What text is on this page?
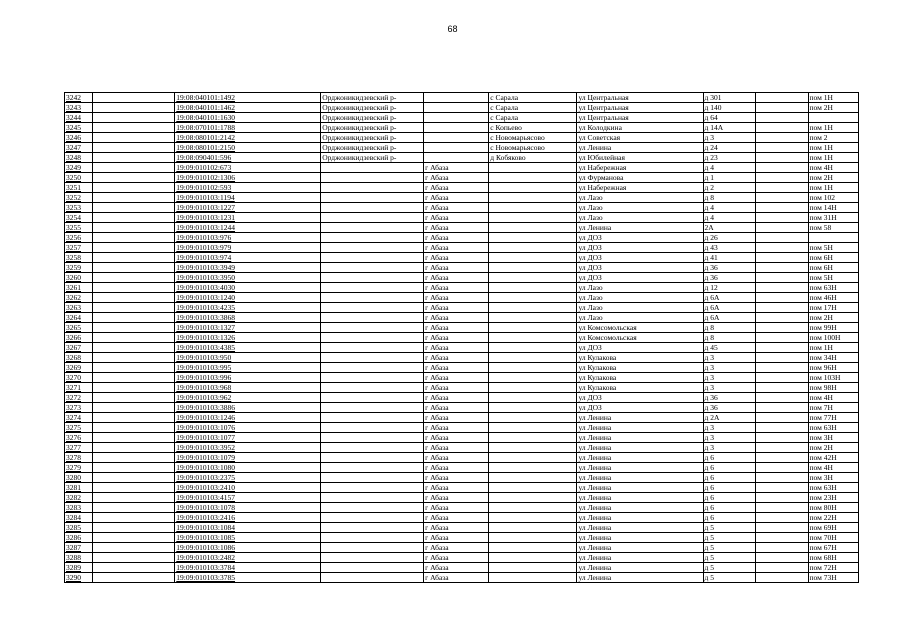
68
3242		19:08:040101:1492	Орджоникидзевский р-		с Сарала	ул Центральная	д 301		пом 1Н
3243		19:08:040101:1462	Орджоникидзевский р-		с Сарала	ул Центральная	д 140		пом 2Н
3244		19:08:040101:1630	Орджоникидзевский р-		с Сарала	ул Центральная	д 64		
3245		19:08:070101:1788	Орджоникидзевский р-		с Копьево	ул Колодкина	д 14А		пом 1Н
3246		19:08:080101:2142	Орджоникидзевский р-		с Новомарьясово	ул Советская	д 3		пом 2
3247		19:08:080101:2150	Орджоникидзевский р-		с Новомарьясово	ул Ленина	д 24		пом 1Н
3248		19:08:090401:596	Орджоникидзевский р-		д Кобяково	ул Юбилейная	д 23		пом 1Н
3249		19:09:010102:673		г Абаза		ул Набережная	д 4		пом 4Н
3250		19:09:010102:1306		г Абаза		ул Фурманова	д 1		пом 2Н
3251		19:09:010102:593		г Абаза		ул Набережная	д 2		пом 1Н
3252		19:09:010103:1194		г Абаза		ул Лазо	д 8		пом 102
3253		19:09:010103:1227		г Абаза		ул Лазо	д 4		пом 14Н
3254		19:09:010103:1231		г Абаза		ул Лазо	д 4		пом 31Н
3255		19:09:010103:1244		г Абаза		ул Ленина	2А		пом 58
3256		19:09:010103:976		г Абаза		ул ДОЗ	д 26		
3257		19:09:010103:979		г Абаза		ул ДОЗ	д 43		пом 5Н
3258		19:09:010103:974		г Абаза		ул ДОЗ	д 41		пом 6Н
3259		19:09:010103:3949		г Абаза		ул ДОЗ	д 36		пом 6Н
3260		19:09:010103:3950		г Абаза		ул ДОЗ	д 36		пом 5Н
3261		19:09:010103:4030		г Абаза		ул Лазо	д 12		пом 63Н
3262		19:09:010103:1240		г Абаза		ул Лазо	д 6А		пом 46Н
3263		19:09:010103:4235		г Абаза		ул Лазо	д 6А		пом 17Н
3264		19:09:010103:3868		г Абаза		ул Лазо	д 6А		пом 2Н
3265		19:09:010103:1327		г Абаза		ул Комсомольская	д 8		пом 99Н
3266		19:09:010103:1326		г Абаза		ул Комсомольская	д 8		пом 100Н
3267		19:09:010103:4385		г Абаза		ул ДОЗ	д 45		пом 1Н
3268		19:09:010103:950		г Абаза		ул Кулакова	д 3		пом 34Н
3269		19:09:010103:995		г Абаза		ул Кулакова	д 3		пом 96Н
3270		19:09:010103:996		г Абаза		ул Кулакова	д 3		пом 103Н
3271		19:09:010103:968		г Абаза		ул Кулакова	д 3		пом 98Н
3272		19:09:010103:962		г Абаза		ул ДОЗ	д 36		пом 4Н
3273		19:09:010103:3886		г Абаза		ул ДОЗ	д 36		пом 7Н
3274		19:09:010103:1246		г Абаза		ул Ленина	д 2А		пом 77Н
3275		19:09:010103:1076		г Абаза		ул Ленина	д 3		пом 63Н
3276		19:09:010103:1077		г Абаза		ул Ленина	д 3		пом 3Н
3277		19:09:010103:3952		г Абаза		ул Ленина	д 3		пом 2Н
3278		19:09:010103:1079		г Абаза		ул Ленина	д 6		пом 42Н
3279		19:09:010103:1080		г Абаза		ул Ленина	д 6		пом 4Н
3280		19:09:010103:2375		г Абаза		ул Ленина	д 6		пом 3Н
3281		19:09:010103:2410		г Абаза		ул Ленина	д 6		пом 63Н
3282		19:09:010103:4157		г Абаза		ул Ленина	д 6		пом 23Н
3283		19:09:010103:1078		г Абаза		ул Ленина	д 6		пом 80Н
3284		19:09:010103:2416		г Абаза		ул Ленина	д 6		пом 22Н
3285		19:09:010103:1084		г Абаза		ул Ленина	д 5		пом 69Н
3286		19:09:010103:1085		г Абаза		ул Ленина	д 5		пом 70Н
3287		19:09:010103:1086		г Абаза		ул Ленина	д 5		пом 67Н
3288		19:09:010103:2482		г Абаза		ул Ленина	д 5		пом 68Н
3289		19:09:010103:3784		г Абаза		ул Ленина	д 5		пом 72Н
3290		19:09:010103:3785		г Абаза		ул Ленина	д 5		пом 73Н
